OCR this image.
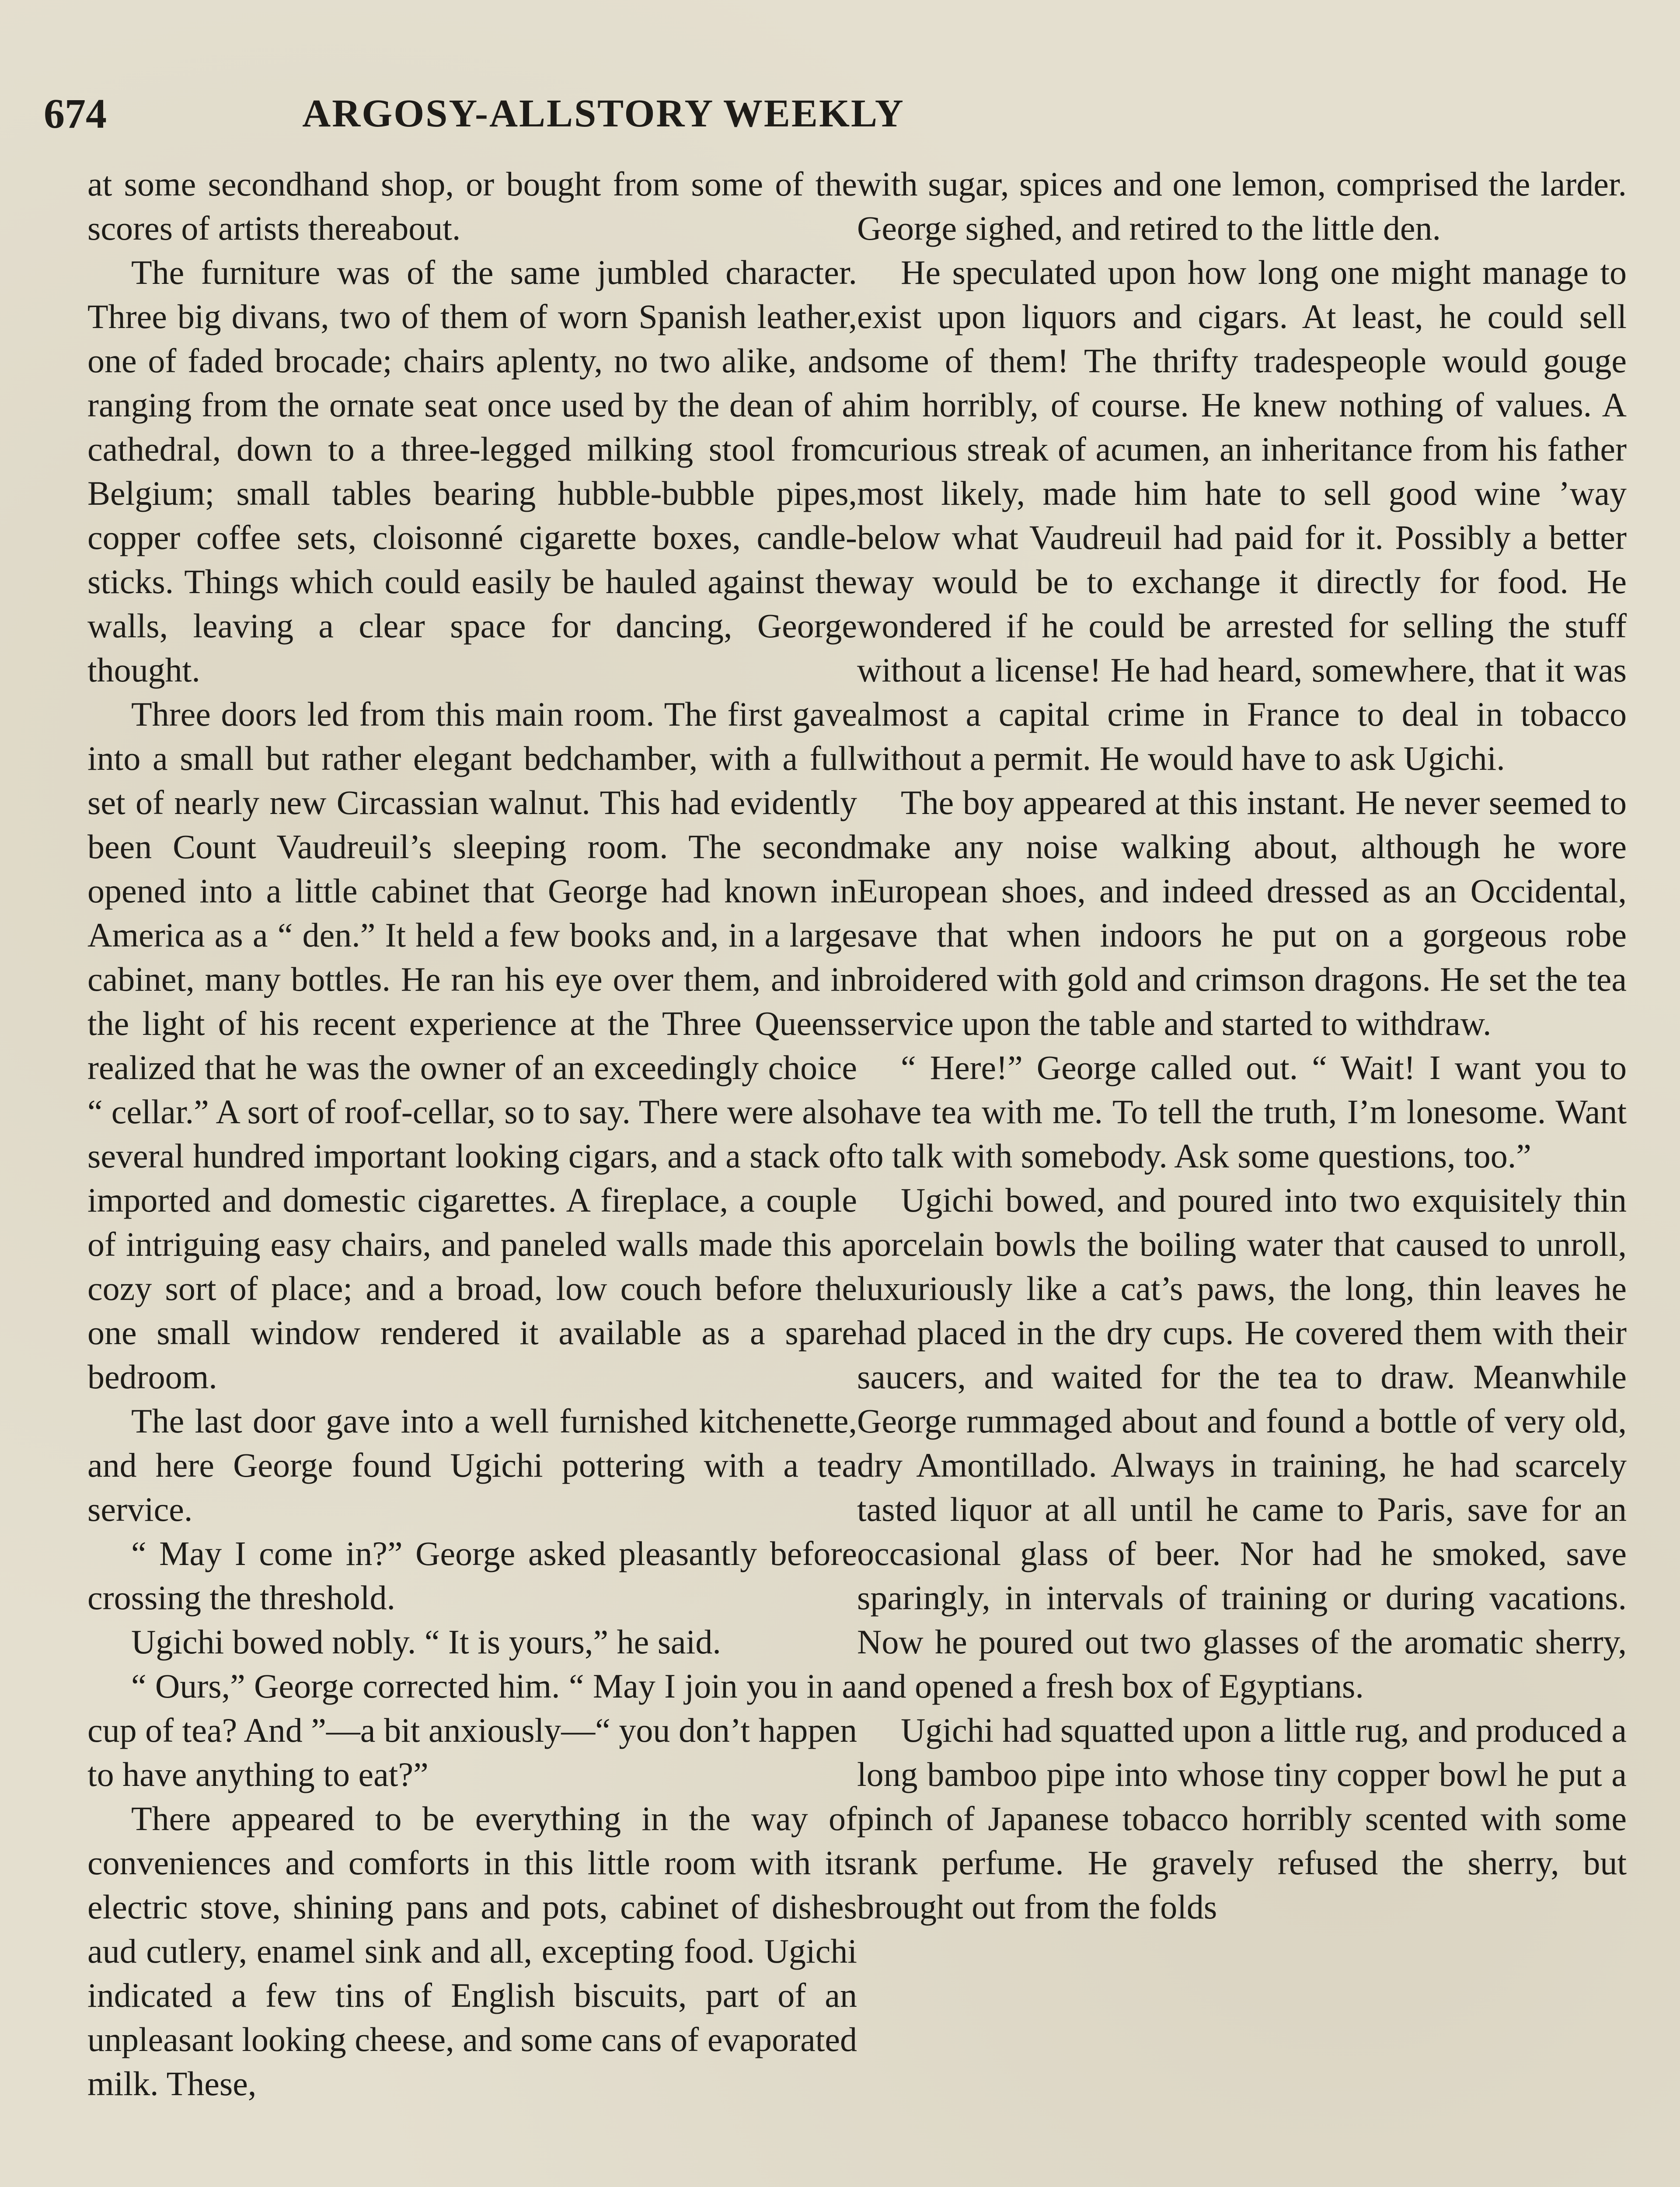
674	ARGOSY-ALLSTORY WEEKLY

at some secondhand shop, or bought from some of the scores of artists thereabout.

The furniture was of the same jumbled character. Three big divans, two of them of worn Spanish leather, one of faded brocade; chairs aplenty, no two alike, and ranging from the ornate seat once used by the dean of a cathedral, down to a three-legged milking stool from Belgium; small tables bearing hubble-bubble pipes, copper coffee sets, cloisonné cigarette boxes, candle-sticks. Things which could easily be hauled against the walls, leaving a clear space for dancing, George thought.

Three doors led from this main room. The first gave into a small but rather elegant bedchamber, with a full set of nearly new Circassian walnut. This had evidently been Count Vaudreuil’s sleeping room. The second opened into a little cabinet that George had known in America as a “ den.” It held a few books and, in a large cabinet, many bottles. He ran his eye over them, and in the light of his recent experience at the Three Queens realized that he was the owner of an exceedingly choice “ cellar.” A sort of roof-cellar, so to say. There were also several hundred important looking cigars, and a stack of imported and domestic cigarettes. A fireplace, a couple of intriguing easy chairs, and paneled walls made this a cozy sort of place; and a broad, low couch before the one small window rendered it available as a spare bedroom.

The last door gave into a well furnished kitchenette, and here George found Ugichi pottering with a tea service.

“ May I come in?” George asked pleasantly before crossing the threshold.

Ugichi bowed nobly. “ It is yours,” he said.

“ Ours,” George corrected him. “ May I join you in a cup of tea? And ”—a bit anxiously—“ you don’t happen to have anything to eat?”

There appeared to be everything in the way of conveniences and comforts in this little room with its electric stove, shining pans and pots, cabinet of dishes aud cutlery, enamel sink and all, excepting food. Ugichi indicated a few tins of English biscuits, part of an unpleasant looking cheese, and some cans of evaporated milk. These,

with sugar, spices and one lemon, comprised the larder. George sighed, and retired to the little den.

He speculated upon how long one might manage to exist upon liquors and cigars. At least, he could sell some of them! The thrifty tradespeople would gouge him horribly, of course. He knew nothing of values. A curious streak of acumen, an inheritance from his father most likely, made him hate to sell good wine ’way below what Vaudreuil had paid for it. Possibly a better way would be to exchange it directly for food. He wondered if he could be arrested for selling the stuff without a license! He had heard, somewhere, that it was almost a capital crime in France to deal in tobacco without a permit. He would have to ask Ugichi.

The boy appeared at this instant. He never seemed to make any noise walking about, although he wore European shoes, and indeed dressed as an Occidental, save that when indoors he put on a gorgeous robe broidered with gold and crimson dragons. He set the tea service upon the table and started to withdraw.

“ Here!” George called out. “ Wait! I want you to have tea with me. To tell the truth, I’m lonesome. Want to talk with somebody. Ask some questions, too.”

Ugichi bowed, and poured into two exquisitely thin porcelain bowls the boiling water that caused to unroll, luxuriously like a cat’s paws, the long, thin leaves he had placed in the dry cups. He covered them with their saucers, and waited for the tea to draw. Meanwhile George rummaged about and found a bottle of very old, dry Amontillado. Always in training, he had scarcely tasted liquor at all until he came to Paris, save for an occasional glass of beer. Nor had he smoked, save sparingly, in intervals of training or during vacations. Now he poured out two glasses of the aromatic sherry, and opened a fresh box of Egyptians.

Ugichi had squatted upon a little rug, and produced a long bamboo pipe into whose tiny copper bowl he put a pinch of Japanese tobacco horribly scented with some rank perfume. He gravely refused the sherry, but brought out from the folds
